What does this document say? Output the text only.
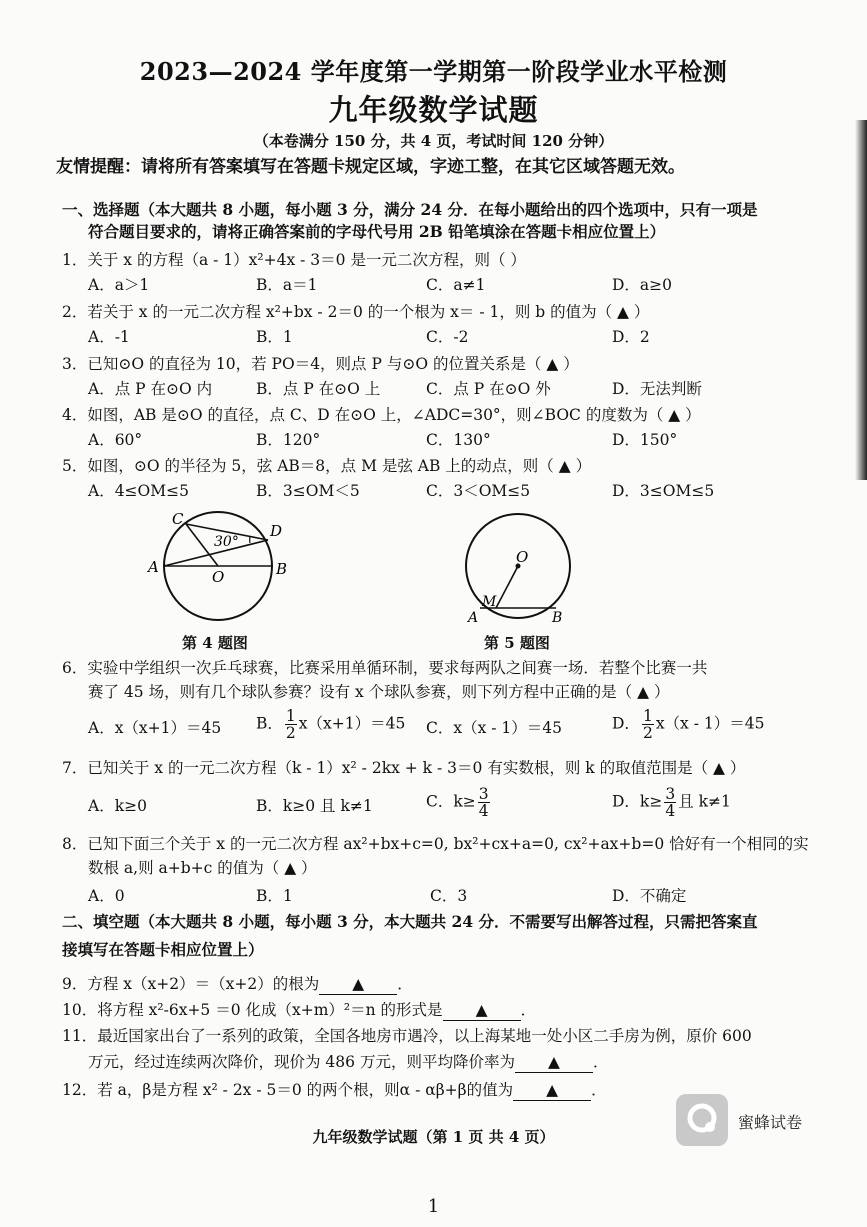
2023—2024 学年度第一学期第一阶段学业水平检测
九年级数学试题
（本卷满分 150 分，共 4 页，考试时间 120 分钟）
友情提醒：请将所有答案填写在答题卡规定区域，字迹工整，在其它区域答题无效。
一、选择题（本大题共 8 小题，每小题 3 分，满分 24 分．在每小题给出的四个选项中，只有一项是
符合题目要求的，请将正确答案前的字母代号用 2B 铅笔填涂在答题卡相应位置上）
1．关于 x 的方程（a - 1）x²+4x - 3＝0 是一元二次方程，则（ ）
A．a＞1	B．a＝1	C．a≠1	D．a≥0
2．若关于 x 的一元二次方程 x²+bx - 2＝0 的一个根为 x＝ - 1，则 b 的值为（ ▲ ）
A．-1	B．1	C．-2	D．2
3．已知⊙O 的直径为 10，若 PO＝4，则点 P 与⊙O 的位置关系是（ ▲ ）
A．点 P 在⊙O 内	B．点 P 在⊙O 上	C．点 P 在⊙O 外	D．无法判断
4．如图，AB 是⊙O 的直径，点 C、D 在⊙O 上，∠ADC=30°，则∠BOC 的度数为（ ▲ ）
A．60°	B．120°	C．130°	D．150°
5．如图，⊙O 的半径为 5，弦 AB＝8，点 M 是弦 AB 上的动点，则（ ▲ ）
A．4≤OM≤5	B．3≤OM＜5	C．3＜OM≤5	D．3≤OM≤5
C
D
A
O	B
30°
第 4 题图
O
M
A	B
第 5 题图
6．实验中学组织一次乒乓球赛，比赛采用单循环制，要求每两队之间赛一场．若整个比赛一共
赛了 45 场，则有几个球队参赛？设有 x 个球队参赛，则下列方程中正确的是（ ▲ ）
A．x（x+1）＝45 B． $\frac{1}{2} x(x+1)=45$ C．x（x - 1）＝45	D． $\frac{1}{2} x(x - 1)=45$
7．已知关于 x 的一元二次方程（k - 1）x² - 2kx + k - 3＝0 有实数根，则 k 的取值范围是（ ▲ ）
A．k≥0	B．k≥0 且 k≠1	C．$k\ge \frac{3}{4}$	D．$k\ge \frac{3}{4}$ 且 k≠1
8．已知下面三个关于 x 的一元二次方程 ax²+bx+c=0, bx²+cx+a=0, cx²+ax+b=0 恰好有一个相同的实
数根 a,则 a+b+c 的值为（ ▲ ）
A．0	B．1	C．3	D．不确定
二、填空题（本大题共 8 小题，每小题 3 分，本大题共 24 分．不需要写出解答过程，只需把答案直
接填写在答题卡相应位置上）
9．方程 x（x+2）＝（x+2）的根为 ▲ ．
10．将方程 x²-6x+5 ＝0 化成（x+m）²＝n 的形式是 ▲ ．
11．最近国家出台了一系列的政策，全国各地房市遇冷，以上海某地一处小区二手房为例，原价 600
万元，经过连续两次降价，现价为 486 万元，则平均降价率为 ▲ ．
12．若 a，β是方程 x² - 2x - 5＝0 的两个根，则α - αβ+β的值为 ▲ ．
蜜蜂试卷
九年级数学试题（第 1 页 共 4 页）
1
